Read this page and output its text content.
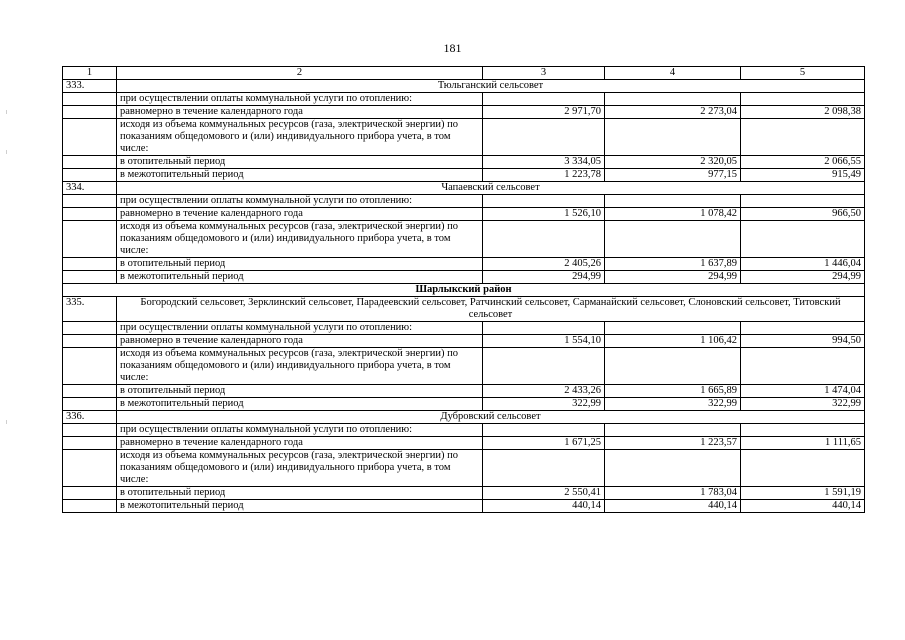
181
1	2	3	4	5
333.	Тюльганский сельсовет			
	при осуществлении оплаты коммунальной услуги по отоплению:			
	равномерно в течение календарного года	2 971,70	2 273,04	2 098,38
	исходя из объема коммунальных ресурсов (газа, электрической энергии) по показаниям общедомового и (или) индивидуального прибора учета, в том числе:			
	в отопительный период	3 334,05	2 320,05	2 066,55
	в межотопительный период	1 223,78	977,15	915,49
334.	Чапаевский сельсовет			
	при осуществлении оплаты коммунальной услуги по отоплению:			
	равномерно в течение календарного года	1 526,10	1 078,42	966,50
	исходя из объема коммунальных ресурсов (газа, электрической энергии) по показаниям общедомового и (или) индивидуального прибора учета, в том числе:			
	в отопительный период	2 405,26	1 637,89	1 446,04
	в межотопительный период	294,99	294,99	294,99
Шарлыкский район				
335.	Богородский сельсовет, Зерклинский сельсовет, Парадеевский сельсовет, Ратчинский сельсовет, Сарманайский сельсовет, Слоновский сельсовет, Титовский сельсовет			
	при осуществлении оплаты коммунальной услуги по отоплению:			
	равномерно в течение календарного года	1 554,10	1 106,42	994,50
	исходя из объема коммунальных ресурсов (газа, электрической энергии) по показаниям общедомового и (или) индивидуального прибора учета, в том числе:			
	в отопительный период	2 433,26	1 665,89	1 474,04
	в межотопительный период	322,99	322,99	322,99
336.	Дубровский сельсовет			
	при осуществлении оплаты коммунальной услуги по отоплению:			
	равномерно в течение календарного года	1 671,25	1 223,57	1 111,65
	исходя из объема коммунальных ресурсов (газа, электрической энергии) по показаниям общедомового и (или) индивидуального прибора учета, в том числе:			
	в отопительный период	2 550,41	1 783,04	1 591,19
	в межотопительный период	440,14	440,14	440,14
